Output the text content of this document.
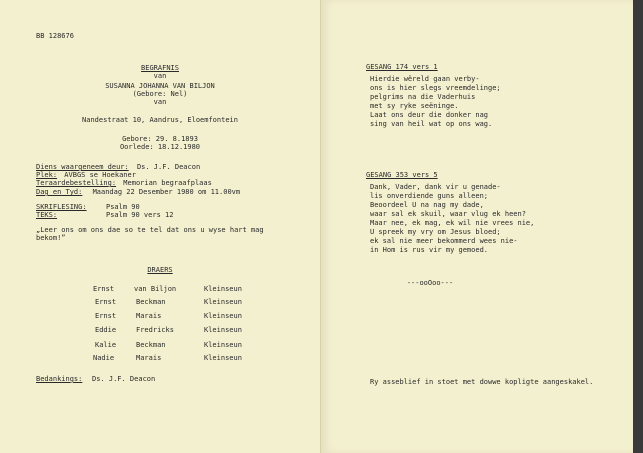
BB 128676
BEGRAFNIS
van
SUSANNA JOHANNA VAN BILJON
(Gebore: Nel)
van
Nandestraat 10, Aandrus, Eloemfontein
Gebore: 29. 8.1893
Oorlede: 18.12.1980
Diens waargeneem deur: Ds. J.F. Deacon
Plek: AVBGS se Hoekaner
Teraardebestelling: Memorian begraafplaas
Dag en Tyd: Maandag 22 Desember 1980 om 11.00vm
SKRIFLESING:	Psalm 90
TEKS:	Psalm 90 vers 12
„Leer ons om ons dae so te tel dat ons u wyse hart mag
bekom!”
DRAERS
Ernst	van Biljon	Kleinseun
Ernst	Beckman	Kleinseun
Ernst	Marais	Kleinseun
Eddie	Fredricks	Kleinseun
Kalie	Beckman	Kleinseun
Nadie	Marais	Kleinseun
Bedankings: Ds. J.F. Deacon
GESANG 174 vers 1
Hierdie wêreld gaan verby-
ons is hier slegs vreemdelinge;
pelgrims na die Vaderhuis
met sy ryke seëninge.
Laat ons deur die donker nag
sing van heil wat op ons wag.
GESANG 353 vers 5
Dank, Vader, dank vir u genade-
lis onverdiende guns alleen;
Beoordeel U na nag my dade,
waar sal ek skuil, waar vlug ek heen?
Maar nee, ek mag, ek wil nie vrees nie,
U spreek my vry om Jesus bloed;
ek sal nie meer bekommerd wees nie-
in Hom is rus vir my gemoed.
---ooOoo---
Ry asseblief in stoet met dowwe kopligte aangeskakel.
